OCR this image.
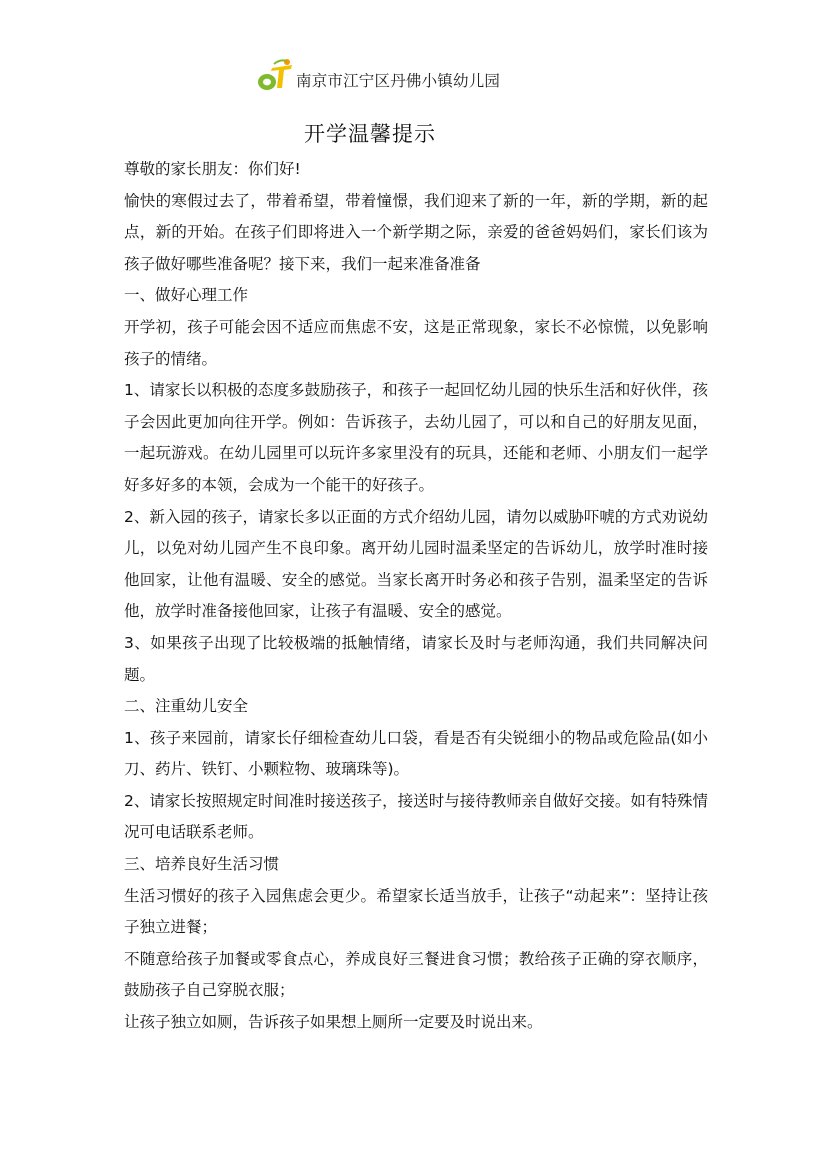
南京市江宁区丹佛小镇幼儿园
开学温馨提示

尊敬的家长朋友：你们好!

愉快的寒假过去了，带着希望，带着憧憬，我们迎来了新的一年，新的学期，新的起点，新的开始。在孩子们即将进入一个新学期之际，亲爱的爸爸妈妈们，家长们该为孩子做好哪些准备呢？接下来，我们一起来准备准备

一、做好心理工作

开学初，孩子可能会因不适应而焦虑不安，这是正常现象，家长不必惊慌，以免影响孩子的情绪。

1、请家长以积极的态度多鼓励孩子，和孩子一起回忆幼儿园的快乐生活和好伙伴，孩子会因此更加向往开学。例如：告诉孩子，去幼儿园了，可以和自己的好朋友见面，一起玩游戏。在幼儿园里可以玩许多家里没有的玩具，还能和老师、小朋友们一起学好多好多的本领，会成为一个能干的好孩子。

2、新入园的孩子，请家长多以正面的方式介绍幼儿园，请勿以威胁吓唬的方式劝说幼儿，以免对幼儿园产生不良印象。离开幼儿园时温柔坚定的告诉幼儿，放学时准时接他回家，让他有温暖、安全的感觉。当家长离开时务必和孩子告别，温柔坚定的告诉他，放学时准备接他回家，让孩子有温暖、安全的感觉。

3、如果孩子出现了比较极端的抵触情绪，请家长及时与老师沟通，我们共同解决问题。

二、注重幼儿安全

1、孩子来园前，请家长仔细检查幼儿口袋，看是否有尖锐细小的物品或危险品(如小刀、药片、铁钉、小颗粒物、玻璃珠等)。

2、请家长按照规定时间准时接送孩子，接送时与接待教师亲自做好交接。如有特殊情况可电话联系老师。

三、培养良好生活习惯

生活习惯好的孩子入园焦虑会更少。希望家长适当放手，让孩子“动起来”：坚持让孩子独立进餐；

不随意给孩子加餐或零食点心，养成良好三餐进食习惯；教给孩子正确的穿衣顺序，鼓励孩子自己穿脱衣服；

让孩子独立如厕，告诉孩子如果想上厕所一定要及时说出来。
